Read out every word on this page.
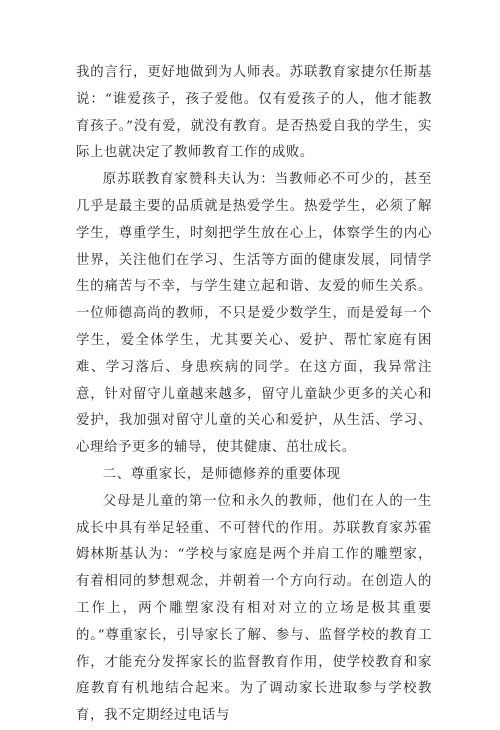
我的言行，更好地做到为人师表。苏联教育家捷尔任斯基说：“谁爱孩子，孩子爱他。仅有爱孩子的人，他才能教育孩子。”没有爱，就没有教育。是否热爱自我的学生，实际上也就决定了教师教育工作的成败。

原苏联教育家赞科夫认为：当教师必不可少的，甚至几乎是最主要的品质就是热爱学生。热爱学生，必须了解学生，尊重学生，时刻把学生放在心上，体察学生的内心世界，关注他们在学习、生活等方面的健康发展，同情学生的痛苦与不幸，与学生建立起和谐、友爱的师生关系。一位师德高尚的教师，不只是爱少数学生，而是爱每一个学生，爱全体学生，尤其要关心、爱护、帮忙家庭有困难、学习落后、身患疾病的同学。在这方面，我异常注意，针对留守儿童越来越多，留守儿童缺少更多的关心和爱护，我加强对留守儿童的关心和爱护，从生活、学习、心理给予更多的辅导，使其健康、茁壮成长。

二、尊重家长，是师德修养的重要体现

父母是儿童的第一位和永久的教师，他们在人的一生成长中具有举足轻重、不可替代的作用。苏联教育家苏霍姆林斯基认为：“学校与家庭是两个并肩工作的雕塑家，有着相同的梦想观念，并朝着一个方向行动。在创造人的工作上，两个雕塑家没有相对对立的立场是极其重要的。”尊重家长，引导家长了解、参与、监督学校的教育工作，才能充分发挥家长的监督教育作用，使学校教育和家庭教育有机地结合起来。为了调动家长进取参与学校教育，我不定期经过电话与
